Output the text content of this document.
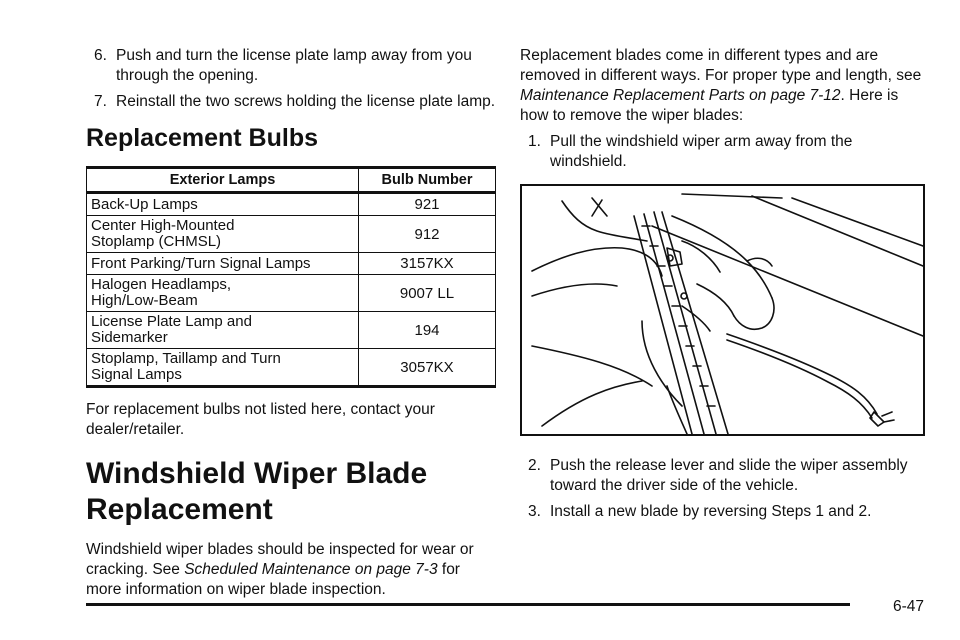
6. Push and turn the license plate lamp away from you through the opening.
7. Reinstall the two screws holding the license plate lamp.
Replacement Bulbs
Exterior Lamps	Bulb Number
Back-Up Lamps	921
Center High-Mounted Stoplamp (CHMSL)	912
Front Parking/Turn Signal Lamps	3157KX
Halogen Headlamps, High/Low-Beam	9007 LL
License Plate Lamp and Sidemarker	194
Stoplamp, Taillamp and Turn Signal Lamps	3057KX

For replacement bulbs not listed here, contact your dealer/retailer.

Windshield Wiper Blade Replacement

Windshield wiper blades should be inspected for wear or cracking. See Scheduled Maintenance on page 7-3 for more information on wiper blade inspection.

Replacement blades come in different types and are removed in different ways. For proper type and length, see Maintenance Replacement Parts on page 7-12. Here is how to remove the wiper blades:

1. Pull the windshield wiper arm away from the windshield.
2. Push the release lever and slide the wiper assembly toward the driver side of the vehicle.
3. Install a new blade by reversing Steps 1 and 2.
6-47
